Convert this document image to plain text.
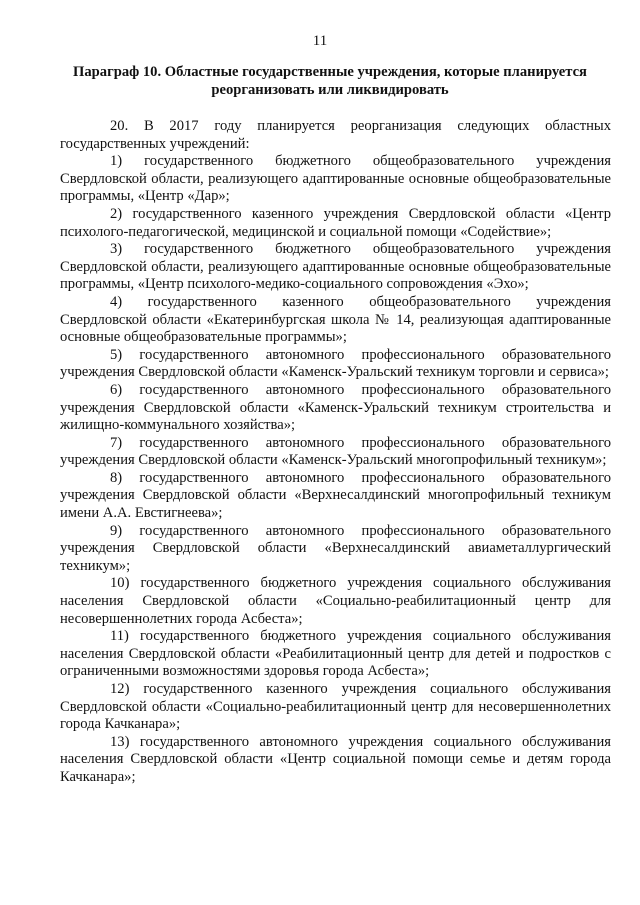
11
Параграф 10. Областные государственные учреждения, которые планируется
реорганизовать или ликвидировать

20. В 2017 году планируется реорганизация следующих областных государственных учреждений:

1) государственного бюджетного общеобразовательного учреждения Свердловской области, реализующего адаптированные основные общеобразовательные программы, «Центр «Дар»;

2) государственного казенного учреждения Свердловской области «Центр психолого-педагогической, медицинской и социальной помощи «Содействие»;

3) государственного бюджетного общеобразовательного учреждения Свердловской области, реализующего адаптированные основные общеобразовательные программы, «Центр психолого-медико-социального сопровождения «Эхо»;

4) государственного казенного общеобразовательного учреждения Свердловской области «Екатеринбургская школа № 14, реализующая адаптированные основные общеобразовательные программы»;

5) государственного автономного профессионального образовательного учреждения Свердловской области «Каменск-Уральский техникум торговли и сервиса»;

6) государственного автономного профессионального образовательного учреждения Свердловской области «Каменск-Уральский техникум строительства и жилищно-коммунального хозяйства»;

7) государственного автономного профессионального образовательного учреждения Свердловской области «Каменск-Уральский многопрофильный техникум»;

8) государственного автономного профессионального образовательного учреждения Свердловской области «Верхнесалдинский многопрофильный техникум имени А.А. Евстигнеева»;

9) государственного автономного профессионального образовательного учреждения Свердловской области «Верхнесалдинский авиаметаллургический техникум»;

10) государственного бюджетного учреждения социального обслуживания населения Свердловской области «Социально-реабилитационный центр для несовершеннолетних города Асбеста»;

11) государственного бюджетного учреждения социального обслуживания населения Свердловской области «Реабилитационный центр для детей и подростков с ограниченными возможностями здоровья города Асбеста»;

12) государственного казенного учреждения социального обслуживания Свердловской области «Социально-реабилитационный центр для несовершеннолетних города Качканара»;

13) государственного автономного учреждения социального обслуживания населения Свердловской области «Центр социальной помощи семье и детям города Качканара»;
